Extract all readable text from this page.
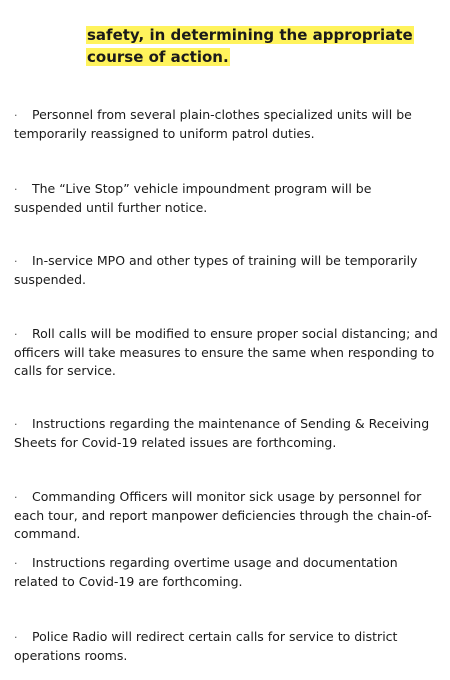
safety, in determining the appropriate course of action.

· Personnel from several plain-clothes specialized units will be temporarily reassigned to uniform patrol duties.

· The “Live Stop” vehicle impoundment program will be suspended until further notice.

· In-service MPO and other types of training will be temporarily suspended.

· Roll calls will be modified to ensure proper social distancing; and officers will take measures to ensure the same when responding to calls for service.

· Instructions regarding the maintenance of Sending & Receiving Sheets for Covid-19 related issues are forthcoming.

· Commanding Officers will monitor sick usage by personnel for each tour, and report manpower deficiencies through the chain-of-command.

· Instructions regarding overtime usage and documentation related to Covid-19 are forthcoming.

· Police Radio will redirect certain calls for service to district operations rooms.
